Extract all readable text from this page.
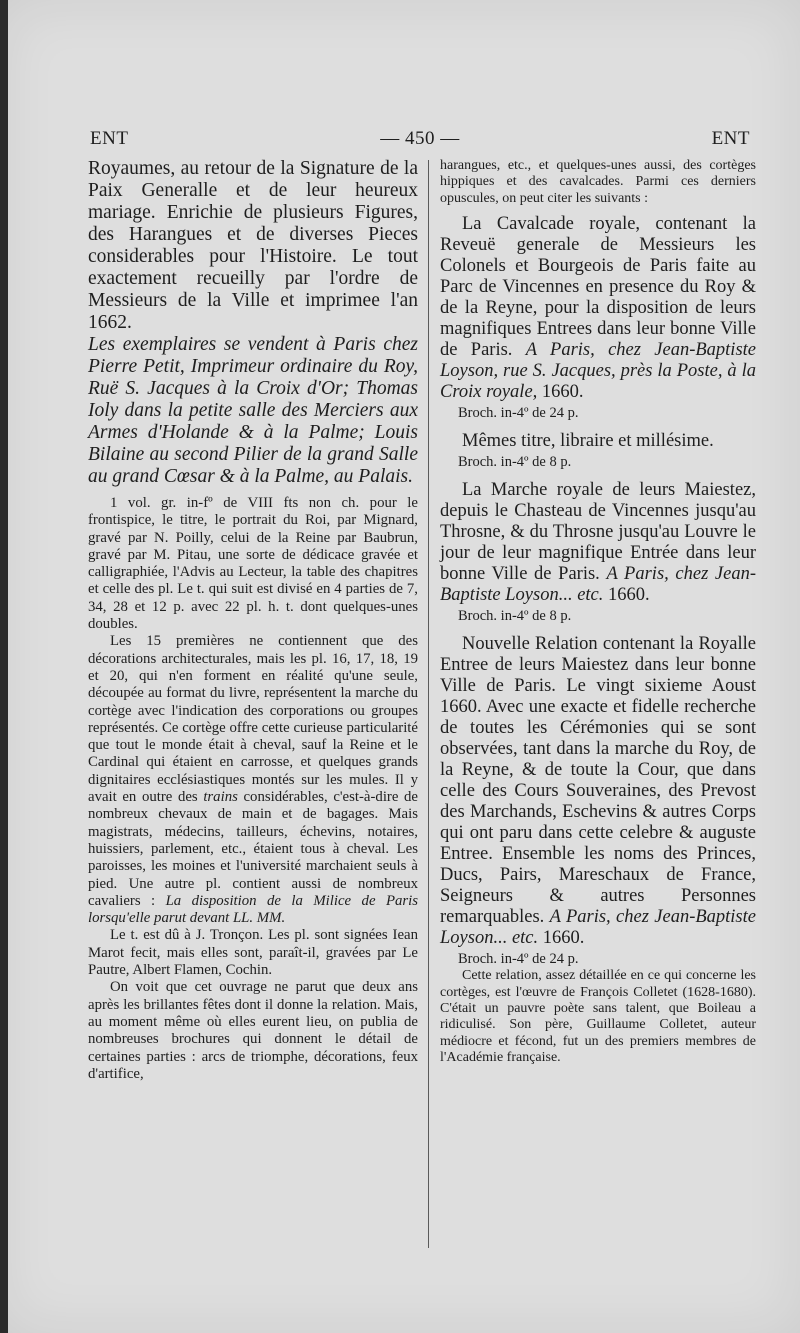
ENT	— 450 —	ENT

Royaumes, au retour de la Signature de la Paix Generalle et de leur heureux mariage. Enrichie de plusieurs Figures, des Harangues et de diverses Pieces considerables pour l'Histoire. Le tout exactement recueilly par l'ordre de Messieurs de la Ville et imprimee l'an 1662.

Les exemplaires se vendent à Paris chez Pierre Petit, Imprimeur ordinaire du Roy, Ruë S. Jacques à la Croix d'Or; Thomas Ioly dans la petite salle des Merciers aux Armes d'Holande & à la Palme; Louis Bilaine au second Pilier de la grand Salle au grand Cœsar & à la Palme, au Palais.

1 vol. gr. in-fº de VIII fts non ch. pour le frontispice, le titre, le portrait du Roi, par Mignard, gravé par N. Poilly, celui de la Reine par Baubrun, gravé par M. Pitau, une sorte de dédicace gravée et calligraphiée, l'Advis au Lecteur, la table des chapitres et celle des pl. Le t. qui suit est divisé en 4 parties de 7, 34, 28 et 12 p. avec 22 pl. h. t. dont quelques-unes doubles.

Les 15 premières ne contiennent que des décorations architecturales, mais les pl. 16, 17, 18, 19 et 20, qui n'en forment en réalité qu'une seule, découpée au format du livre, représentent la marche du cortège avec l'indication des corporations ou groupes représentés. Ce cortège offre cette curieuse particularité que tout le monde était à cheval, sauf la Reine et le Cardinal qui étaient en carrosse, et quelques grands dignitaires ecclésiastiques montés sur les mules. Il y avait en outre des trains considérables, c'est-à-dire de nombreux chevaux de main et de bagages. Mais magistrats, médecins, tailleurs, échevins, notaires, huissiers, parlement, etc., étaient tous à cheval. Les paroisses, les moines et l'université marchaient seuls à pied. Une autre pl. contient aussi de nombreux cavaliers : La disposition de la Milice de Paris lorsqu'elle parut devant LL. MM.

Le t. est dû à J. Tronçon. Les pl. sont signées Iean Marot fecit, mais elles sont, paraît-il, gravées par Le Pautre, Albert Flamen, Cochin.

On voit que cet ouvrage ne parut que deux ans après les brillantes fêtes dont il donne la relation. Mais, au moment même où elles eurent lieu, on publia de nombreuses brochures qui donnent le détail de certaines parties : arcs de triomphe, décorations, feux d'artifice,

harangues, etc., et quelques-unes aussi, des cortèges hippiques et des cavalcades. Parmi ces derniers opuscules, on peut citer les suivants :

La Cavalcade royale, contenant la Reveuë generale de Messieurs les Colonels et Bourgeois de Paris faite au Parc de Vincennes en presence du Roy & de la Reyne, pour la disposition de leurs magnifiques Entrees dans leur bonne Ville de Paris. A Paris, chez Jean-Baptiste Loyson, rue S. Jacques, près la Poste, à la Croix royale, 1660.

Broch. in-4º de 24 p.

Mêmes titre, libraire et millésime.

Broch. in-4º de 8 p.

La Marche royale de leurs Maiestez, depuis le Chasteau de Vincennes jusqu'au Throsne, & du Throsne jusqu'au Louvre le jour de leur magnifique Entrée dans leur bonne Ville de Paris. A Paris, chez Jean-Baptiste Loyson... etc. 1660.

Broch. in-4º de 8 p.

Nouvelle Relation contenant la Royalle Entree de leurs Maiestez dans leur bonne Ville de Paris. Le vingt sixieme Aoust 1660. Avec une exacte et fidelle recherche de toutes les Cérémonies qui se sont observées, tant dans la marche du Roy, de la Reyne, & de toute la Cour, que dans celle des Cours Souveraines, des Prevost des Marchands, Eschevins & autres Corps qui ont paru dans cette celebre & auguste Entree. Ensemble les noms des Princes, Ducs, Pairs, Mareschaux de France, Seigneurs & autres Personnes remarquables. A Paris, chez Jean-Baptiste Loyson... etc. 1660.

Broch. in-4º de 24 p.

Cette relation, assez détaillée en ce qui concerne les cortèges, est l'œuvre de François Colletet (1628-1680). C'était un pauvre poète sans talent, que Boileau a ridiculisé. Son père, Guillaume Colletet, auteur médiocre et fécond, fut un des premiers membres de l'Académie française.
